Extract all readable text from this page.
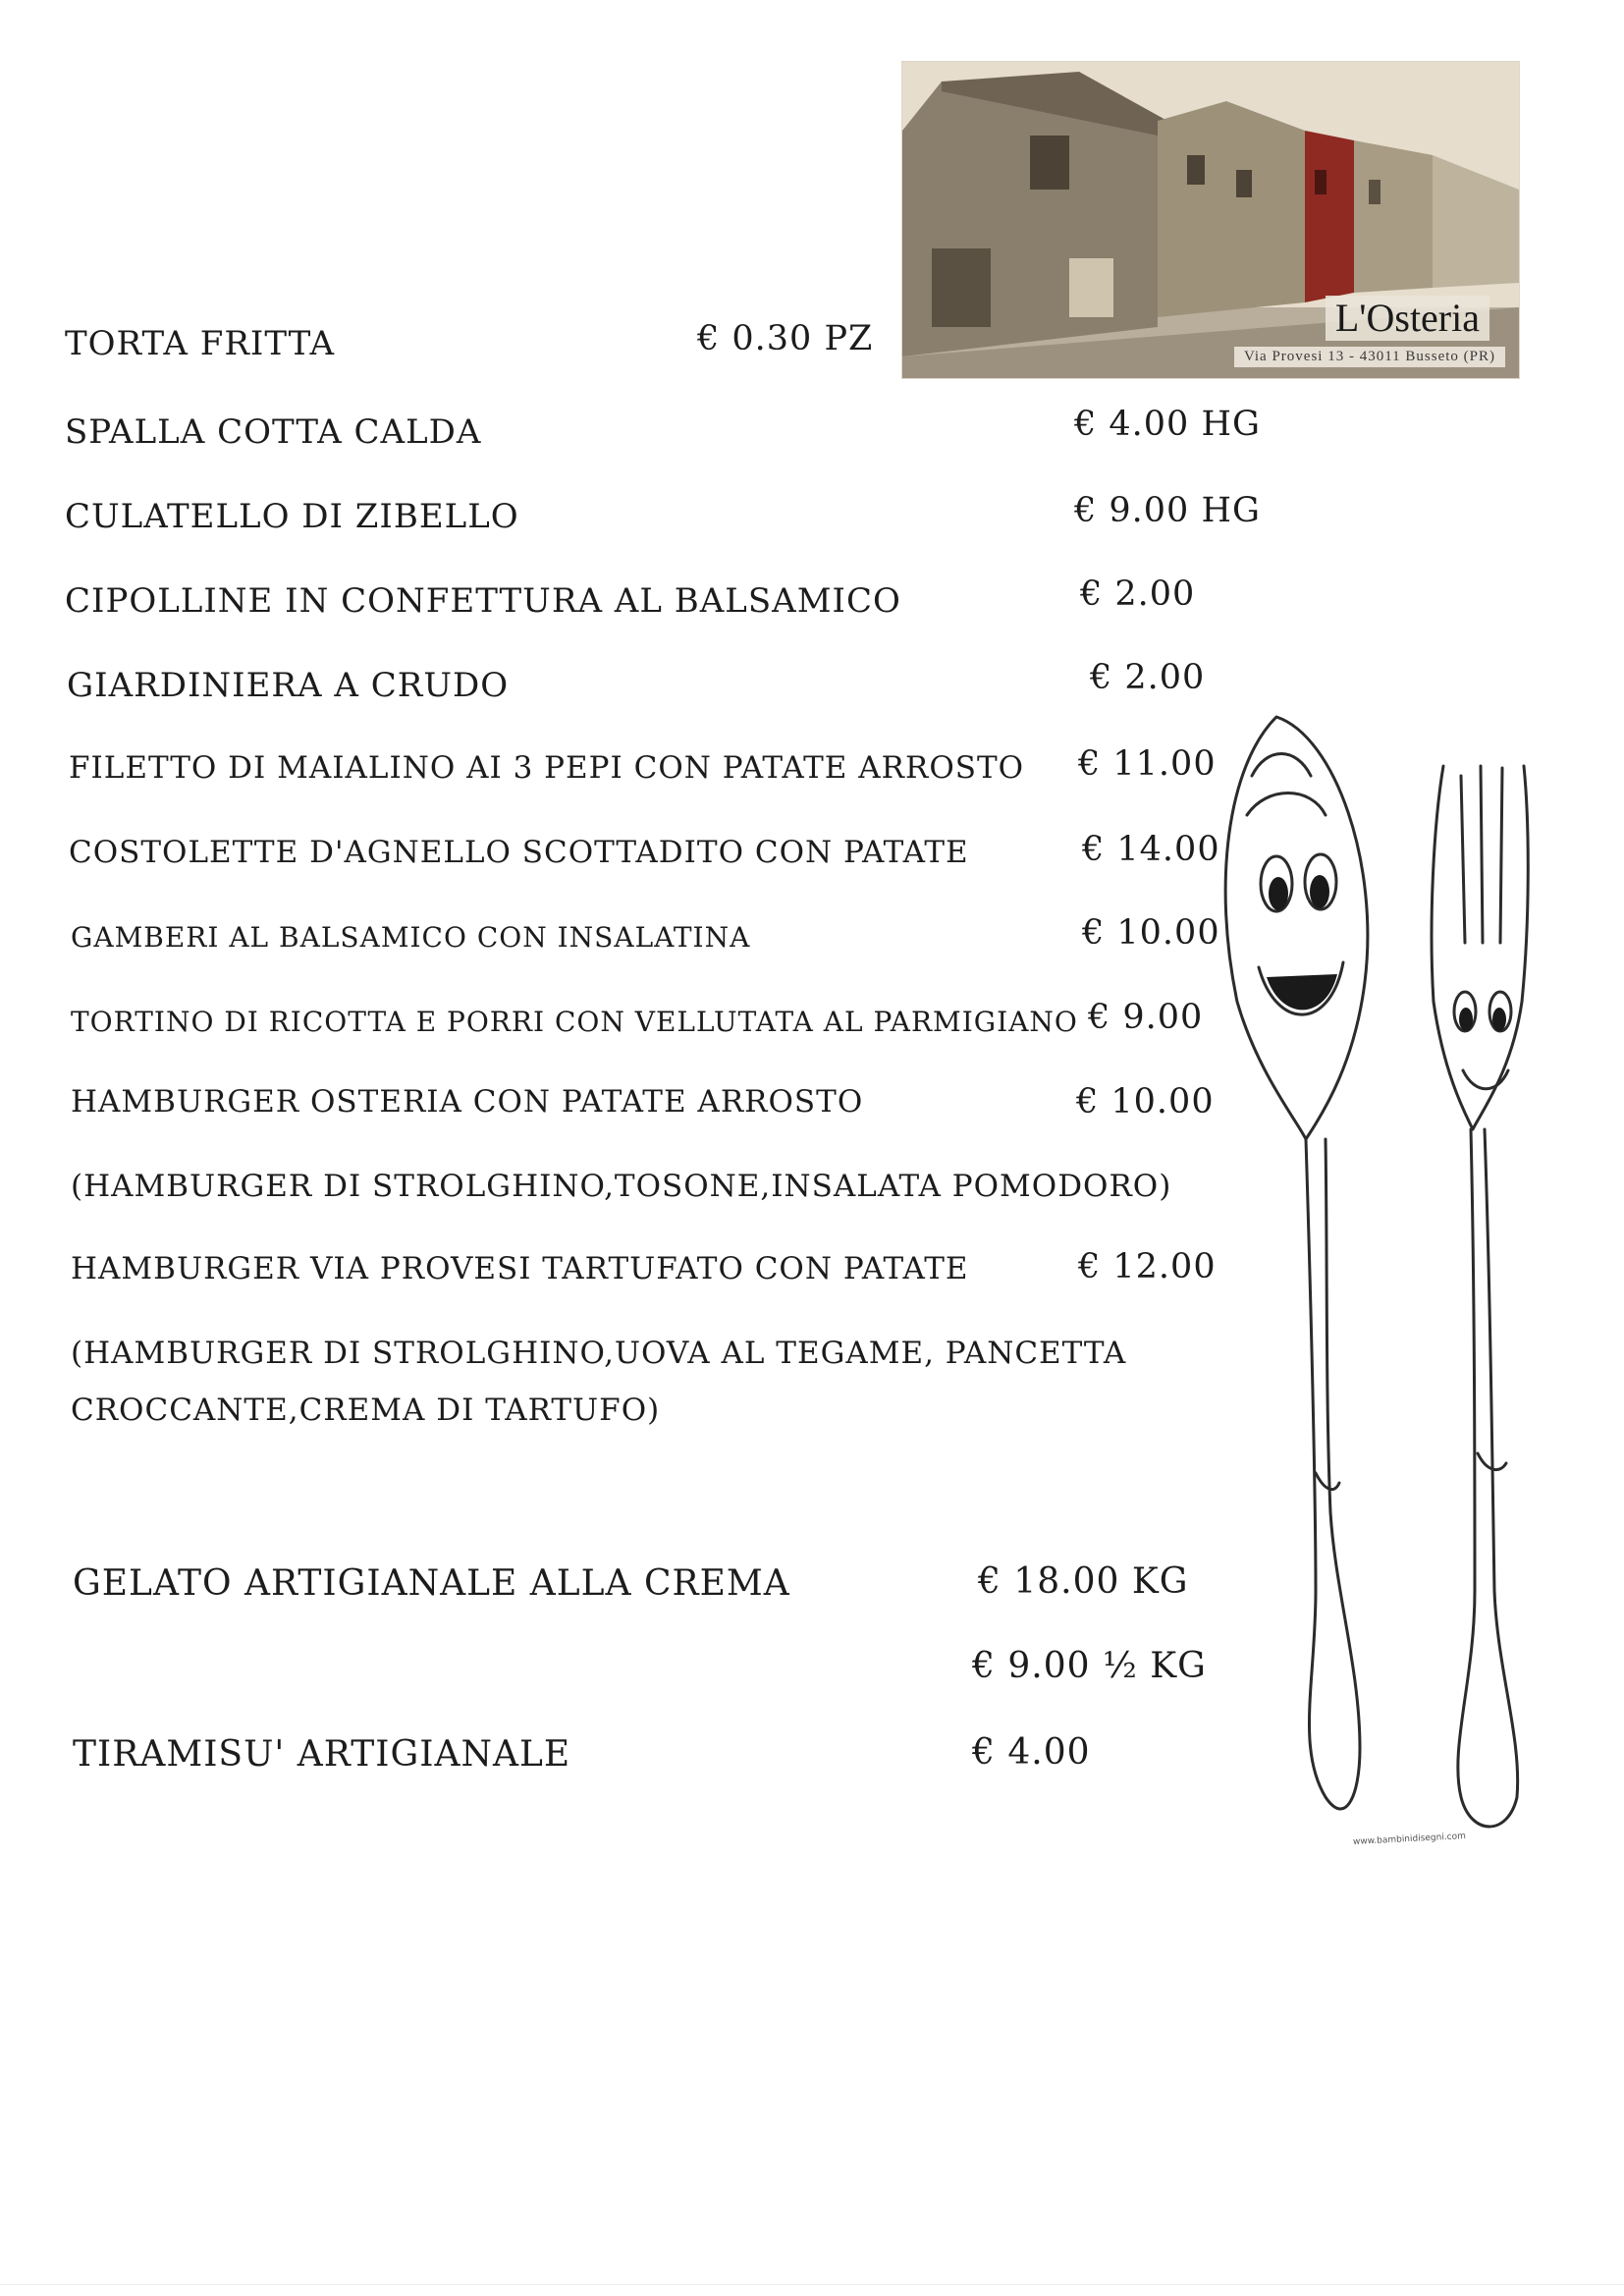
L'Osteria
Via Provesi 13 - 43011 Busseto (PR)
TORTA FRITTA	€ 0.30 PZ
SPALLA COTTA CALDA	€ 4.00 HG
CULATELLO DI ZIBELLO	€ 9.00 HG
CIPOLLINE IN CONFETTURA AL BALSAMICO	€ 2.00
GIARDINIERA A CRUDO	€ 2.00
FILETTO DI MAIALINO AI 3 PEPI CON PATATE ARROSTO € 11.00
COSTOLETTE D'AGNELLO SCOTTADITO CON PATATE	€ 14.00
GAMBERI AL BALSAMICO CON INSALATINA	€ 10.00
TORTINO DI RICOTTA E PORRI CON VELLUTATA AL PARMIGIANO € 9.00
HAMBURGER OSTERIA CON PATATE ARROSTO	€ 10.00
(HAMBURGER DI STROLGHINO,TOSONE,INSALATA POMODORO)
HAMBURGER VIA PROVESI TARTUFATO CON PATATE	€ 12.00
(HAMBURGER DI STROLGHINO,UOVA AL TEGAME, PANCETTA
CROCCANTE,CREMA DI TARTUFO)
GELATO ARTIGIANALE ALLA CREMA	€ 18.00 KG
€ 9.00 ½ KG
TIRAMISU' ARTIGIANALE	€ 4.00
www.bambinidisegni.com
